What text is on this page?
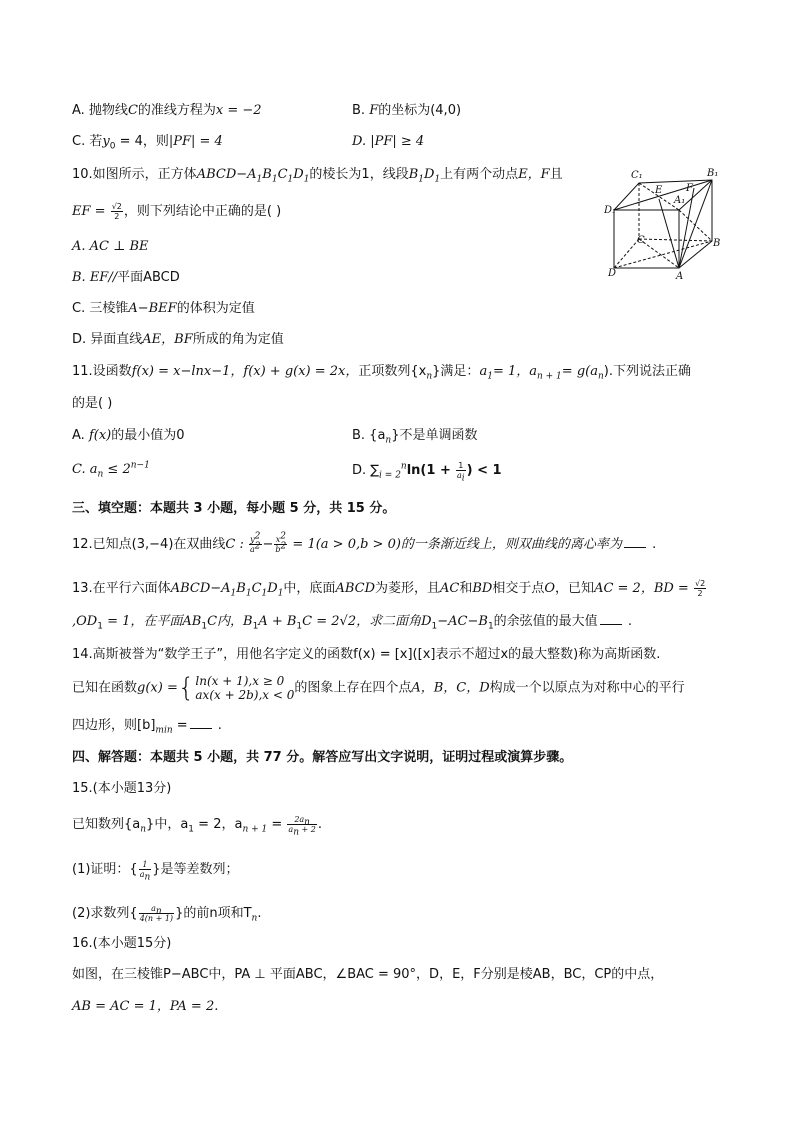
A. 抛物线C的准线方程为x = −2	B. F的坐标为(4,0)
C. 若$y_0 = 4$，则|PF| = 4	D. |PF| ≥ 4
10.如图所示，正方体$ABCD-A_1B_1C_1D_1$的棱长为1，线段$B_1D_1$上有两个动点E，F且
EF = $\frac{√2}{2}$ ，则下列结论中正确的是( )
A. AC ⊥ BE
B. EF//平面ABCD
C. 三棱锥A−BEF的体积为定值
D. 异面直线AE，BF所成的角为定值
C₁	B₁
D₁
E F
A₁
C	B
D	A
11.设函数f(x) = x−lnx−1，f(x) + g(x) = 2x，正项数列$\{x_n\}$满足：$a_1= 1$，$a_{n + 1}= g(a_n)$.下列说法正确
的是( )
A. f(x)的最小值为0	B. $\{a_n\}$不是单调函数
C. $a_n \le 2^{n-1}$	D. $\sum_{i = 2}^n\ln(1 + \frac{1}{a_i}$ ) < 1
三、填空题：本题共 3 小题，每小题 5 分，共 15 分。
12.已知点(3,−4)在双曲线C : $\frac{y^2}{a^2} - \frac{x^2}{b^2} = 1(a > 0,b > 0)$的一条渐近线上，则双曲线的离心率为 .
13.在平行六面体$ABCD-A_1B_1C_1D_1$中，底面ABCD为菱形，且AC和BD相交于点O，已知AC = 2，BD = $\frac{√2}{2}$
$,OD_1 = 1$，在平面$AB_1C$内，$B_1A + B_1C = 2√2$，求二面角$D_1-AC-B_1$的余弦值的最大值 .
14.高斯被誉为“数学王子”，用他名字定义的函数f(x) = [x]([x]表示不超过x的最大整数)称为高斯函数.
已知在函数g(x) ={ ln(x + 1),x ≥ 0
ax(x + 2b),x < 0 的图象上存在四个点A，B，C，D构成一个以原点为对称中心的平行
四边形，则$[b]_{min}$ = .
四、解答题：本题共 5 小题，共 77 分。解答应写出文字说明，证明过程或演算步骤。
15.(本小题13分)
已知数列$\{a_n\}$中，$a_1 = 2$，$a_{n + 1} = \frac{2a_n}{a_n + 2}$ .
(1)证明：{ $\frac{1}{a_n}$ }是等差数列；
(2)求数列{ $\frac{a_n}{4(n + 1)}$ }的前n项和$T_n$.
16.(本小题15分)
如图，在三棱锥P−ABC中，PA ⊥ 平面ABC，∠BAC = 90°，D，E，F分别是棱AB，BC，CP的中点，
AB = AC = 1，PA = 2.
